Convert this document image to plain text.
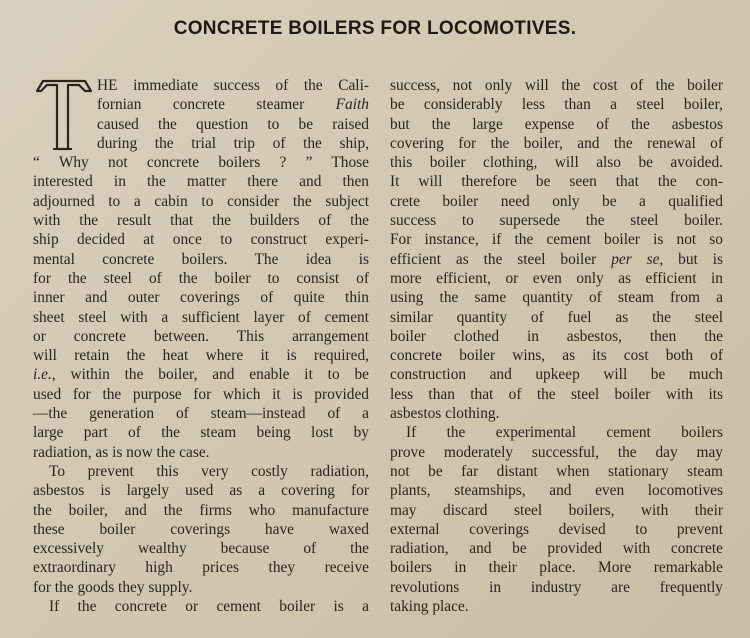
CONCRETE BOILERS FOR LOCOMOTIVES.
HE immediate success of the Cali-
fornian concrete steamer Faith
caused the question to be raised
during the trial trip of the ship,
“ Why not concrete boilers ? ” Those
interested in the matter there and then
adjourned to a cabin to consider the subject
with the result that the builders of the
ship decided at once to construct experi-
mental concrete boilers. The idea is
for the steel of the boiler to consist of
inner and outer coverings of quite thin
sheet steel with a sufficient layer of cement
or concrete between. This arrangement
will retain the heat where it is required,
i.e., within the boiler, and enable it to be
used for the purpose for which it is provided
—the generation of steam—instead of a
large part of the steam being lost by
radiation, as is now the case.
To prevent this very costly radiation,
asbestos is largely used as a covering for
the boiler, and the firms who manufacture
these boiler coverings have waxed
excessively wealthy because of the
extraordinary high prices they receive
for the goods they supply.
If the concrete or cement boiler is a
success, not only will the cost of the boiler
be considerably less than a steel boiler,
but the large expense of the asbestos
covering for the boiler, and the renewal of
this boiler clothing, will also be avoided.
It will therefore be seen that the con-
crete boiler need only be a qualified
success to supersede the steel boiler.
For instance, if the cement boiler is not so
efficient as the steel boiler per se, but is
more efficient, or even only as efficient in
using the same quantity of steam from a
similar quantity of fuel as the steel
boiler clothed in asbestos, then the
concrete boiler wins, as its cost both of
construction and upkeep will be much
less than that of the steel boiler with its
asbestos clothing.
If the experimental cement boilers
prove moderately successful, the day may
not be far distant when stationary steam
plants, steamships, and even locomotives
may discard steel boilers, with their
external coverings devised to prevent
radiation, and be provided with concrete
boilers in their place. More remarkable
revolutions in industry are frequently
taking place.
